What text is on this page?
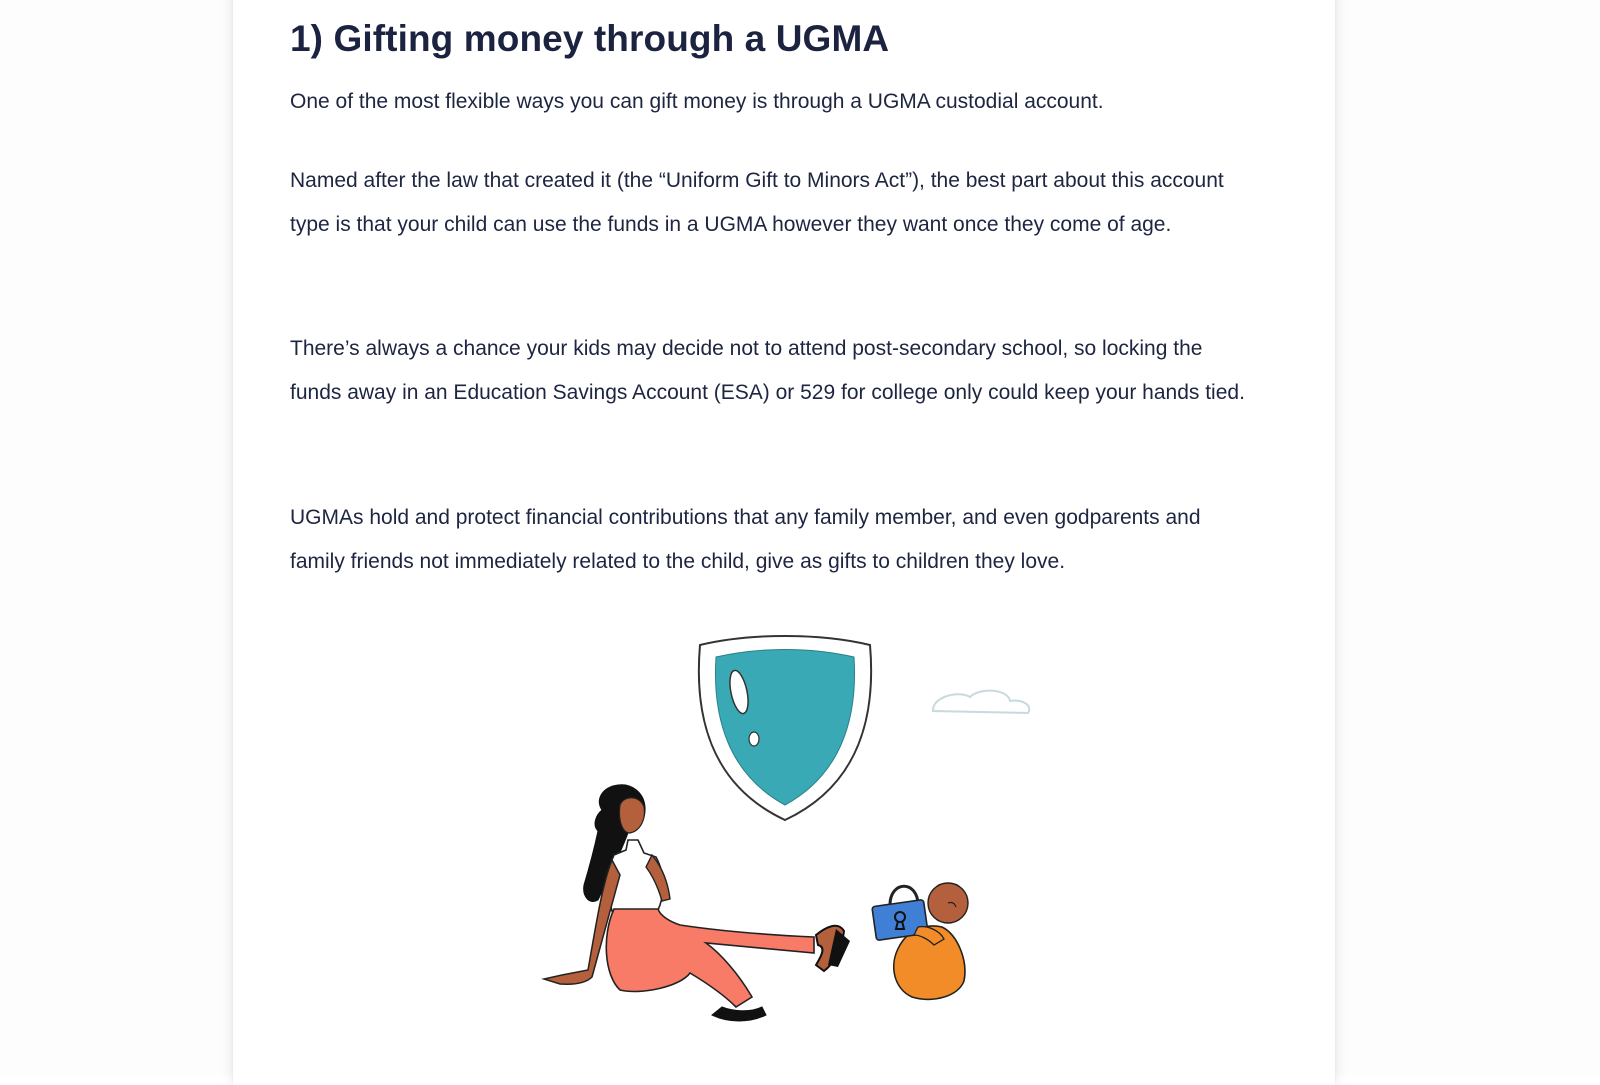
1) Gifting money through a UGMA

One of the most flexible ways you can gift money is through a UGMA custodial account.

Named after the law that created it (the “Uniform Gift to Minors Act”), the best part about this account type is that your child can use the funds in a UGMA however they want once they come of age.

There’s always a chance your kids may decide not to attend post-secondary school, so locking the funds away in an Education Savings Account (ESA) or 529 for college only could keep your hands tied.

UGMAs hold and protect financial contributions that any family member, and even godparents and family friends not immediately related to the child, give as gifts to children they love.
